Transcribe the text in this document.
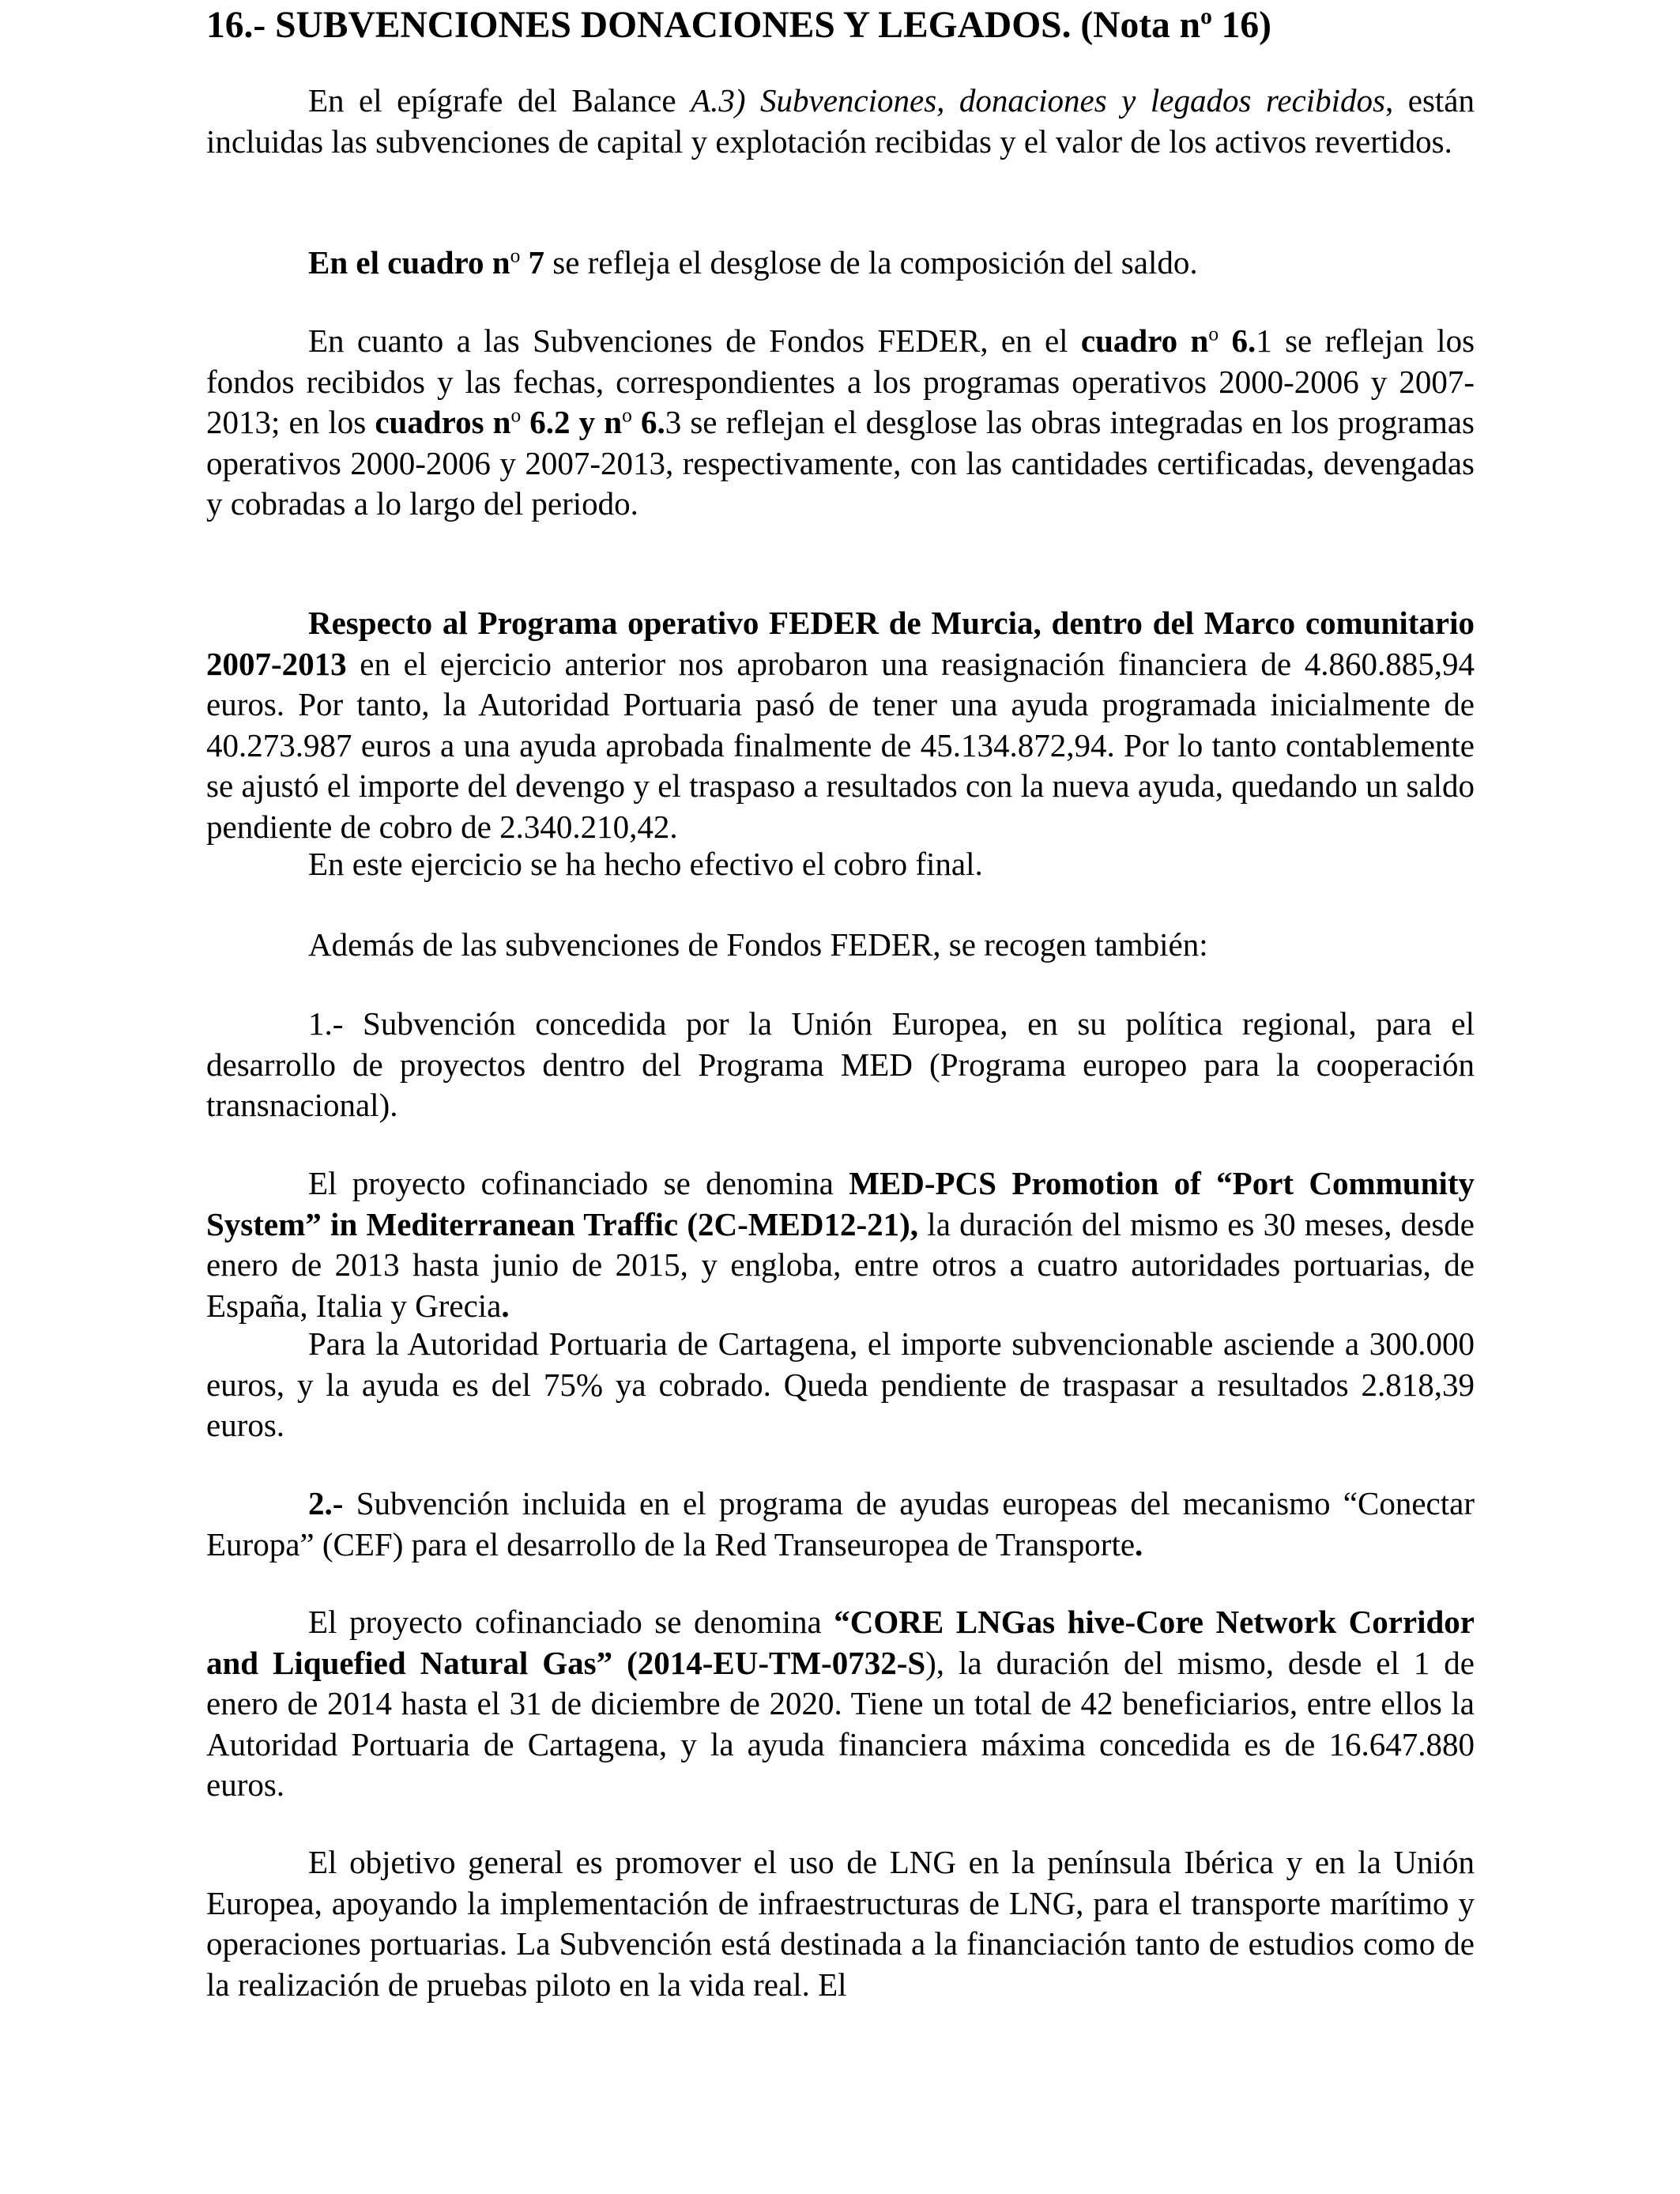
16.- SUBVENCIONES DONACIONES Y LEGADOS. (Nota $n^o$ 16)

En el epígrafe del Balance A.3) Subvenciones, donaciones y legados recibidos, están incluidas las subvenciones de capital y explotación recibidas y el valor de los activos revertidos.

En el cuadro $n^o$ 7 se refleja el desglose de la composición del saldo.

En cuanto a las Subvenciones de Fondos FEDER, en el cuadro $n^o$ 6.1 se reflejan los fondos recibidos y las fechas, correspondientes a los programas operativos 2000-2006 y 2007-2013; en los cuadros $n^o$ 6.2 y $n^o$ 6.3 se reflejan el desglose las obras integradas en los programas operativos 2000-2006 y 2007-2013, respectivamente, con las cantidades certificadas, devengadas y cobradas a lo largo del periodo.

Respecto al Programa operativo FEDER de Murcia, dentro del Marco comunitario 2007-2013 en el ejercicio anterior nos aprobaron una reasignación financiera de 4.860.885,94 euros. Por tanto, la Autoridad Portuaria pasó de tener una ayuda programada inicialmente de 40.273.987 euros a una ayuda aprobada finalmente de 45.134.872,94. Por lo tanto contablemente se ajustó el importe del devengo y el traspaso a resultados con la nueva ayuda, quedando un saldo pendiente de cobro de 2.340.210,42.

En este ejercicio se ha hecho efectivo el cobro final.

Además de las subvenciones de Fondos FEDER, se recogen también:

1.- Subvención concedida por la Unión Europea, en su política regional, para el desarrollo de proyectos dentro del Programa MED (Programa europeo para la cooperación transnacional).

El proyecto cofinanciado se denomina MED-PCS Promotion of “Port Community System” in Mediterranean Traffic (2C-MED12-21), la duración del mismo es 30 meses, desde enero de 2013 hasta junio de 2015, y engloba, entre otros a cuatro autoridades portuarias, de España, Italia y Grecia.

Para la Autoridad Portuaria de Cartagena, el importe subvencionable asciende a 300.000 euros, y la ayuda es del 75% ya cobrado. Queda pendiente de traspasar a resultados 2.818,39 euros.

2.- Subvención incluida en el programa de ayudas europeas del mecanismo “Conectar Europa” (CEF) para el desarrollo de la Red Transeuropea de Transporte.

El proyecto cofinanciado se denomina “CORE LNGas hive-Core Network Corridor and Liquefied Natural Gas” (2014-EU-TM-0732-S), la duración del mismo, desde el 1 de enero de 2014 hasta el 31 de diciembre de 2020. Tiene un total de 42 beneficiarios, entre ellos la Autoridad Portuaria de Cartagena, y la ayuda financiera máxima concedida es de 16.647.880 euros.

El objetivo general es promover el uso de LNG en la península Ibérica y en la Unión Europea, apoyando la implementación de infraestructuras de LNG, para el transporte marítimo y operaciones portuarias. La Subvención está destinada a la financiación tanto de estudios como de la realización de pruebas piloto en la vida real. El
